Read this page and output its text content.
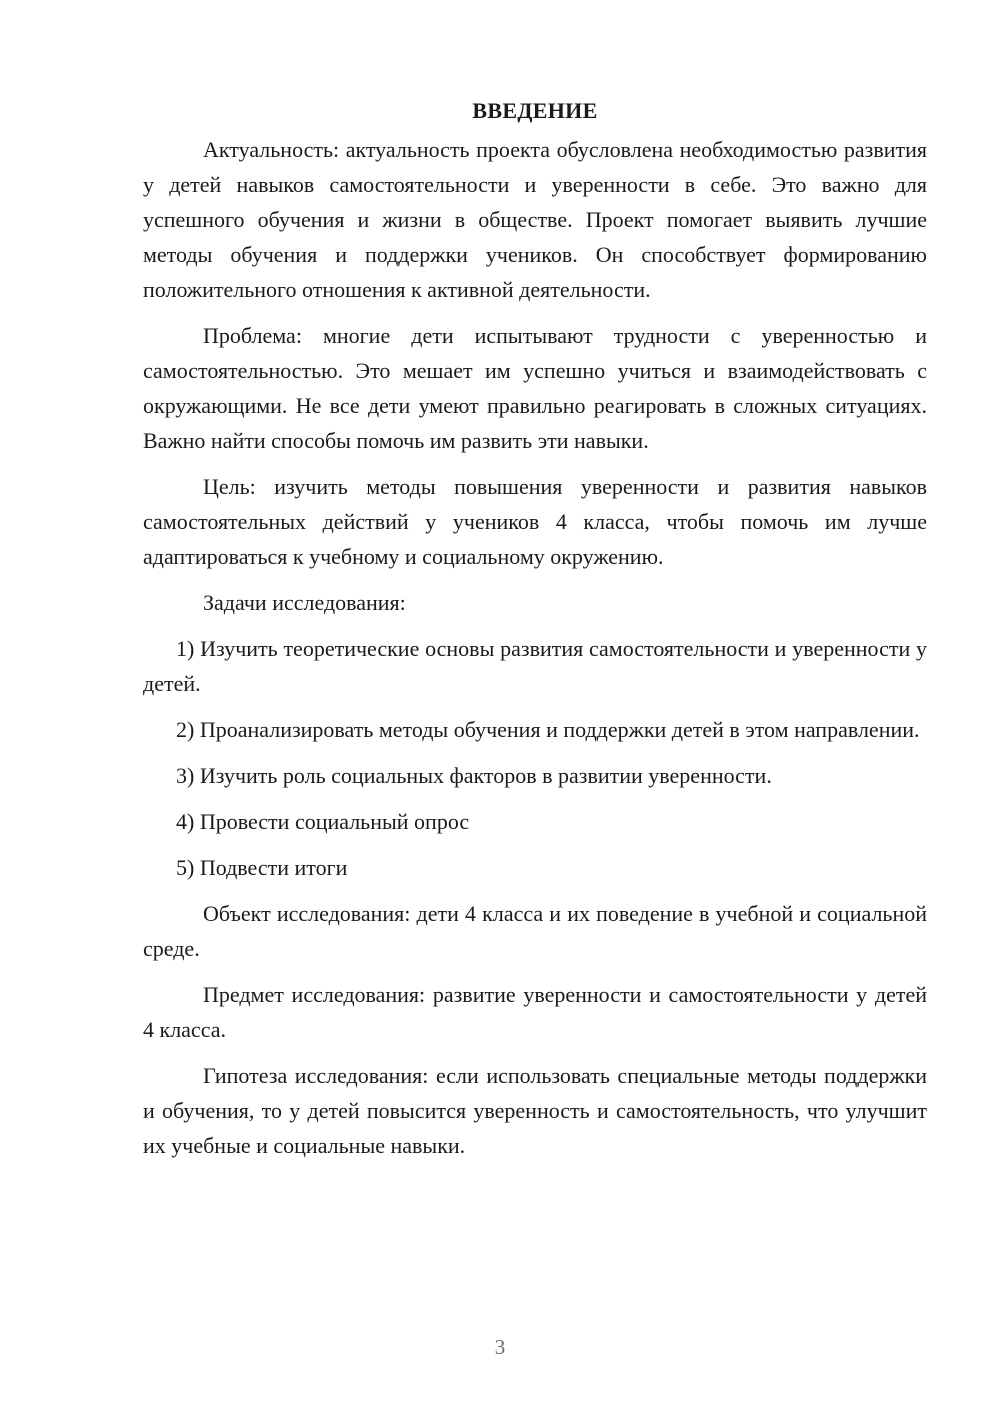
ВВЕДЕНИЕ

Актуальность: актуальность проекта обусловлена необходимостью развития у детей навыков самостоятельности и уверенности в себе. Это важно для успешного обучения и жизни в обществе. Проект помогает выявить лучшие методы обучения и поддержки учеников. Он способствует формированию положительного отношения к активной деятельности.

Проблема: многие дети испытывают трудности с уверенностью и самостоятельностью. Это мешает им успешно учиться и взаимодействовать с окружающими. Не все дети умеют правильно реагировать в сложных ситуациях. Важно найти способы помочь им развить эти навыки.

Цель: изучить методы повышения уверенности и развития навыков самостоятельных действий у учеников 4 класса, чтобы помочь им лучше адаптироваться к учебному и социальному окружению.

Задачи исследования:

1) Изучить теоретические основы развития самостоятельности и уверенности у детей.

2) Проанализировать методы обучения и поддержки детей в этом направлении.

3) Изучить роль социальных факторов в развитии уверенности.

4) Провести социальный опрос

5) Подвести итоги

Объект исследования: дети 4 класса и их поведение в учебной и социальной среде.

Предмет исследования: развитие уверенности и самостоятельности у детей 4 класса.

Гипотеза исследования: если использовать специальные методы поддержки и обучения, то у детей повысится уверенность и самостоятельность, что улучшит их учебные и социальные навыки.

3
